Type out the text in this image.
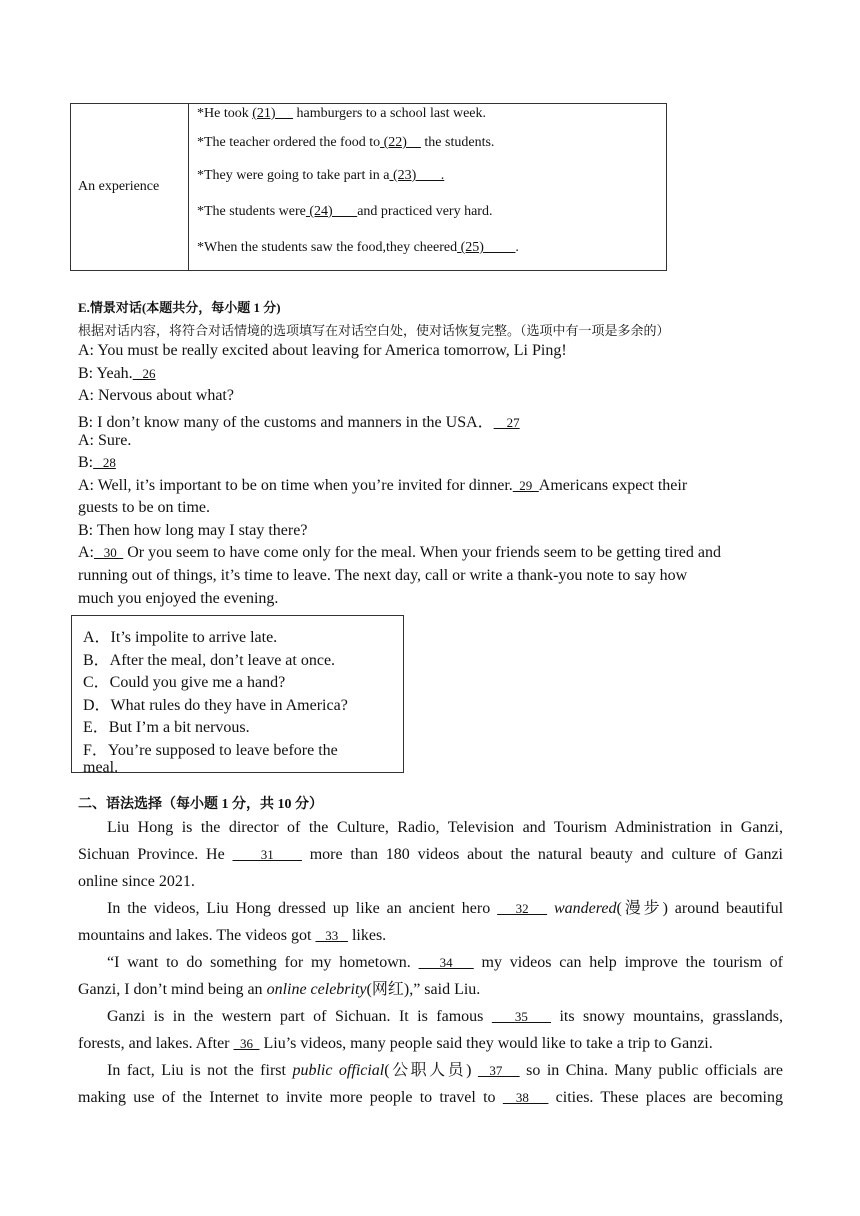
An experience	
*He took (21)      hamburgers to a school last week.
*The teacher ordered the food to (22)     the students.
*They were going to take part in a (23)       .
*The students were (24)       and practiced very hard.
*When the students saw the food,they cheered (25)         .
E.情景对话(本题共分，每小题 1 分)
根据对话内容，将符合对话情境的选项填写在对话空白处，使对话恢复完整。（选项中有一项是多余的）
A: You must be really excited about leaving for America tomorrow, Li Ping!
B: Yeah.   26
A: Nervous about what?
B: I don’t know many of the customs and manners in the USA．    27
A: Sure.
B:   28
A: Well, it’s important to be on time when you’re invited for dinner.  29  Americans expect their
guests to be on time.
B: Then how long may I stay there?
A:   30   Or you seem to have come only for the meal. When your friends seem to be getting tired and
running out of things, it’s time to leave. The next day, call or write a thank-you note to say how
much you enjoyed the evening.
A．It’s impolite to arrive late.
B．After the meal, don’t leave at once.
C．Could you give me a hand?
D．What rules do they have in America?
E．But I’m a bit nervous.
F．You’re supposed to leave before the
meal.
二、语法选择（每小题 1 分，共 10 分）
Liu Hong is the director of the Culture, Radio, Television and Tourism Administration in Ganzi,
Sichuan Province. He     31     more than 180 videos about the natural beauty and culture of Ganzi
online since 2021.
In the videos, Liu Hong dressed up like an ancient hero    32    wandered(漫步) around beautiful
mountains and lakes. The videos got    33    likes.
“I want to do something for my hometown.    34    my videos can help improve the tourism of
Ganzi, I don’t mind being an online celebrity(网红),” said Liu.
Ganzi is in the western part of Sichuan. It is famous    35    its snowy mountains, grasslands,
forests, and lakes. After   36   Liu’s videos, many people said they would like to take a trip to Ganzi.
In fact, Liu is not the first public official(公职人员)   37    so in China. Many public officials are
making use of the Internet to invite more people to travel to   38    cities. These places are becoming
